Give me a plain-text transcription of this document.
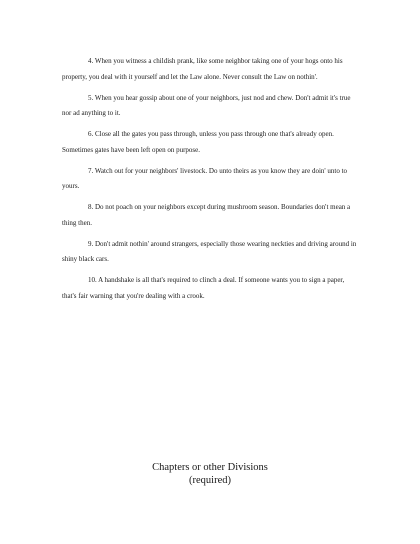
4. When you witness a childish prank, like some neighbor taking one of your hogs onto his property, you deal with it yourself and let the Law alone. Never consult the Law on nothin'.

5. When you hear gossip about one of your neighbors, just nod and chew. Don't admit it's true nor ad anything to it.

6. Close all the gates you pass through, unless you pass through one that's already open. Sometimes gates have been left open on purpose.

7. Watch out for your neighbors' livestock. Do unto theirs as you know they are doin' unto to yours.

8. Do not poach on your neighbors except during mushroom season. Boundaries don't mean a thing then.

9. Don't admit nothin' around strangers, especially those wearing neckties and driving around in shiny black cars.

10. A handshake is all that's required to clinch a deal. If someone wants you to sign a paper, that's fair warning that you're dealing with a crook.

Chapters or other Divisions
(required)
